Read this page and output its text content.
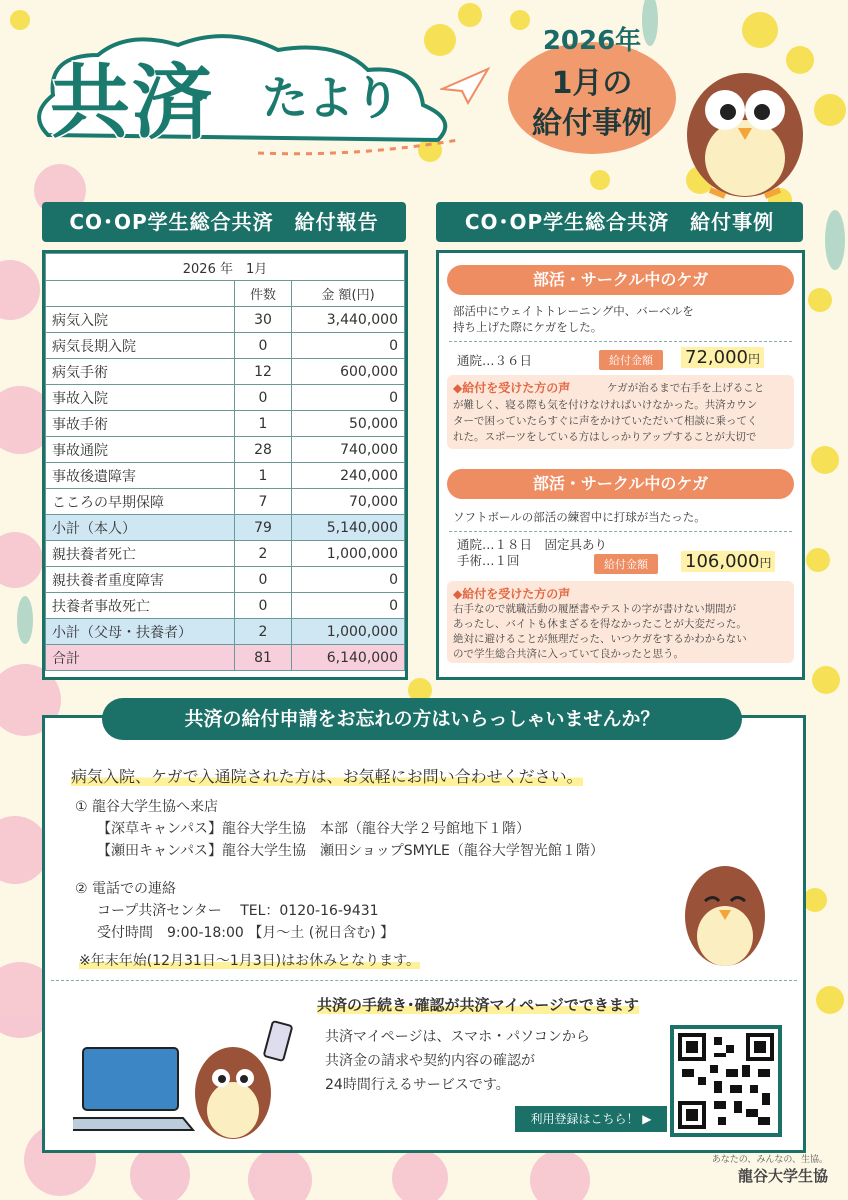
共済 たより
2026年
1月の
給付事例
CO･OP学生総合共済　給付報告
2026 年　1月		
	件数	金 額(円)
病気入院	30	3,440,000
病気長期入院	0	0
病気手術	12	600,000
事故入院	0	0
事故手術	1	50,000
事故通院	28	740,000
事故後遺障害	1	240,000
こころの早期保障	7	70,000
小計（本人）	79	5,140,000
親扶養者死亡	2	1,000,000
親扶養者重度障害	0	0
扶養者事故死亡	0	0
小計（父母・扶養者）	2	1,000,000
合計	81	6,140,000
CO･OP学生総合共済　給付事例
部活・サークル中のケガ
部活中にウェイトトレーニング中、バーベルを
持ち上げた際にケガをした。
通院…３６日	給付金額	72,000円
◆給付を受けた方の声	ケガが治るまで右手を上げること
が難しく、寝る際も気を付けなければいけなかった。共済カウン
ターで困っていたらすぐに声をかけていただいて相談に乗ってく
れた。スポーツをしている方はしっかりアップすることが大切で
部活・サークル中のケガ
ソフトボールの部活の練習中に打球が当たった。
通院…１８日　固定具あり
手術…１回	給付金額	106,000円
◆給付を受けた方の声
右手なので就職活動の履歴書やテストの字が書けない期間が
あったし、バイトも休まざるを得なかったことが大変だった。
絶対に避けることが無理だった、いつケガをするかわからない
ので学生総合共済に入っていて良かったと思う。
病気入院、ケガで入通院された方は、お気軽にお問い合わせください。
① 龍谷大学生協へ来店
【深草キャンパス】龍谷大学生協　本部（龍谷大学２号館地下１階）
【瀬田キャンパス】龍谷大学生協　瀬田ショップSMYLE（龍谷大学智光館１階）
② 電話での連絡
コープ共済センター　 TEL：0120-16-9431
受付時間　9:00-18:00 【月～土 (祝日含む) 】
※年末年始(12月31日～1月3日)はお休みとなります。
共済の手続き･確認が共済マイページでできます
共済マイページは、スマホ・パソコンから
共済金の請求や契約内容の確認が
24時間行えるサービスです。
利用登録はこちら！ ▶
共済の給付申請をお忘れの方はいらっしゃいませんか？
あなたの、みんなの、生協。
龍谷大学生協
